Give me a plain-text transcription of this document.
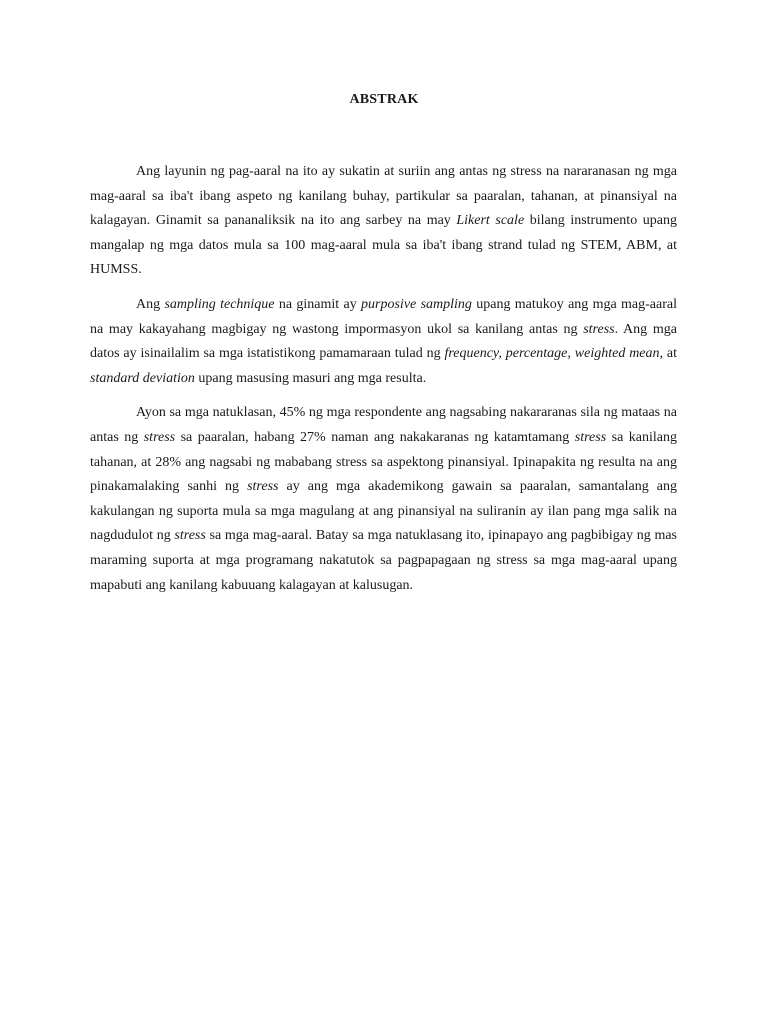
ABSTRAK

Ang layunin ng pag-aaral na ito ay sukatin at suriin ang antas ng stress na nararanasan ng mga mag-aaral sa iba't ibang aspeto ng kanilang buhay, partikular sa paaralan, tahanan, at pinansiyal na kalagayan. Ginamit sa pananaliksik na ito ang sarbey na may Likert scale bilang instrumento upang mangalap ng mga datos mula sa 100 mag-aaral mula sa iba't ibang strand tulad ng STEM, ABM, at HUMSS.

Ang sampling technique na ginamit ay purposive sampling upang matukoy ang mga mag-aaral na may kakayahang magbigay ng wastong impormasyon ukol sa kanilang antas ng stress. Ang mga datos ay isinailalim sa mga istatistikong pamamaraan tulad ng frequency, percentage, weighted mean, at standard deviation upang masusing masuri ang mga resulta.

Ayon sa mga natuklasan, 45% ng mga respondente ang nagsabing nakararanas sila ng mataas na antas ng stress sa paaralan, habang 27% naman ang nakakaranas ng katamtamang stress sa kanilang tahanan, at 28% ang nagsabi ng mababang stress sa aspektong pinansiyal. Ipinapakita ng resulta na ang pinakamalaking sanhi ng stress ay ang mga akademikong gawain sa paaralan, samantalang ang kakulangan ng suporta mula sa mga magulang at ang pinansiyal na suliranin ay ilan pang mga salik na nagdudulot ng stress sa mga mag-aaral. Batay sa mga natuklasang ito, ipinapayo ang pagbibigay ng mas maraming suporta at mga programang nakatutok sa pagpapagaan ng stress sa mga mag-aaral upang mapabuti ang kanilang kabuuang kalagayan at kalusugan.
